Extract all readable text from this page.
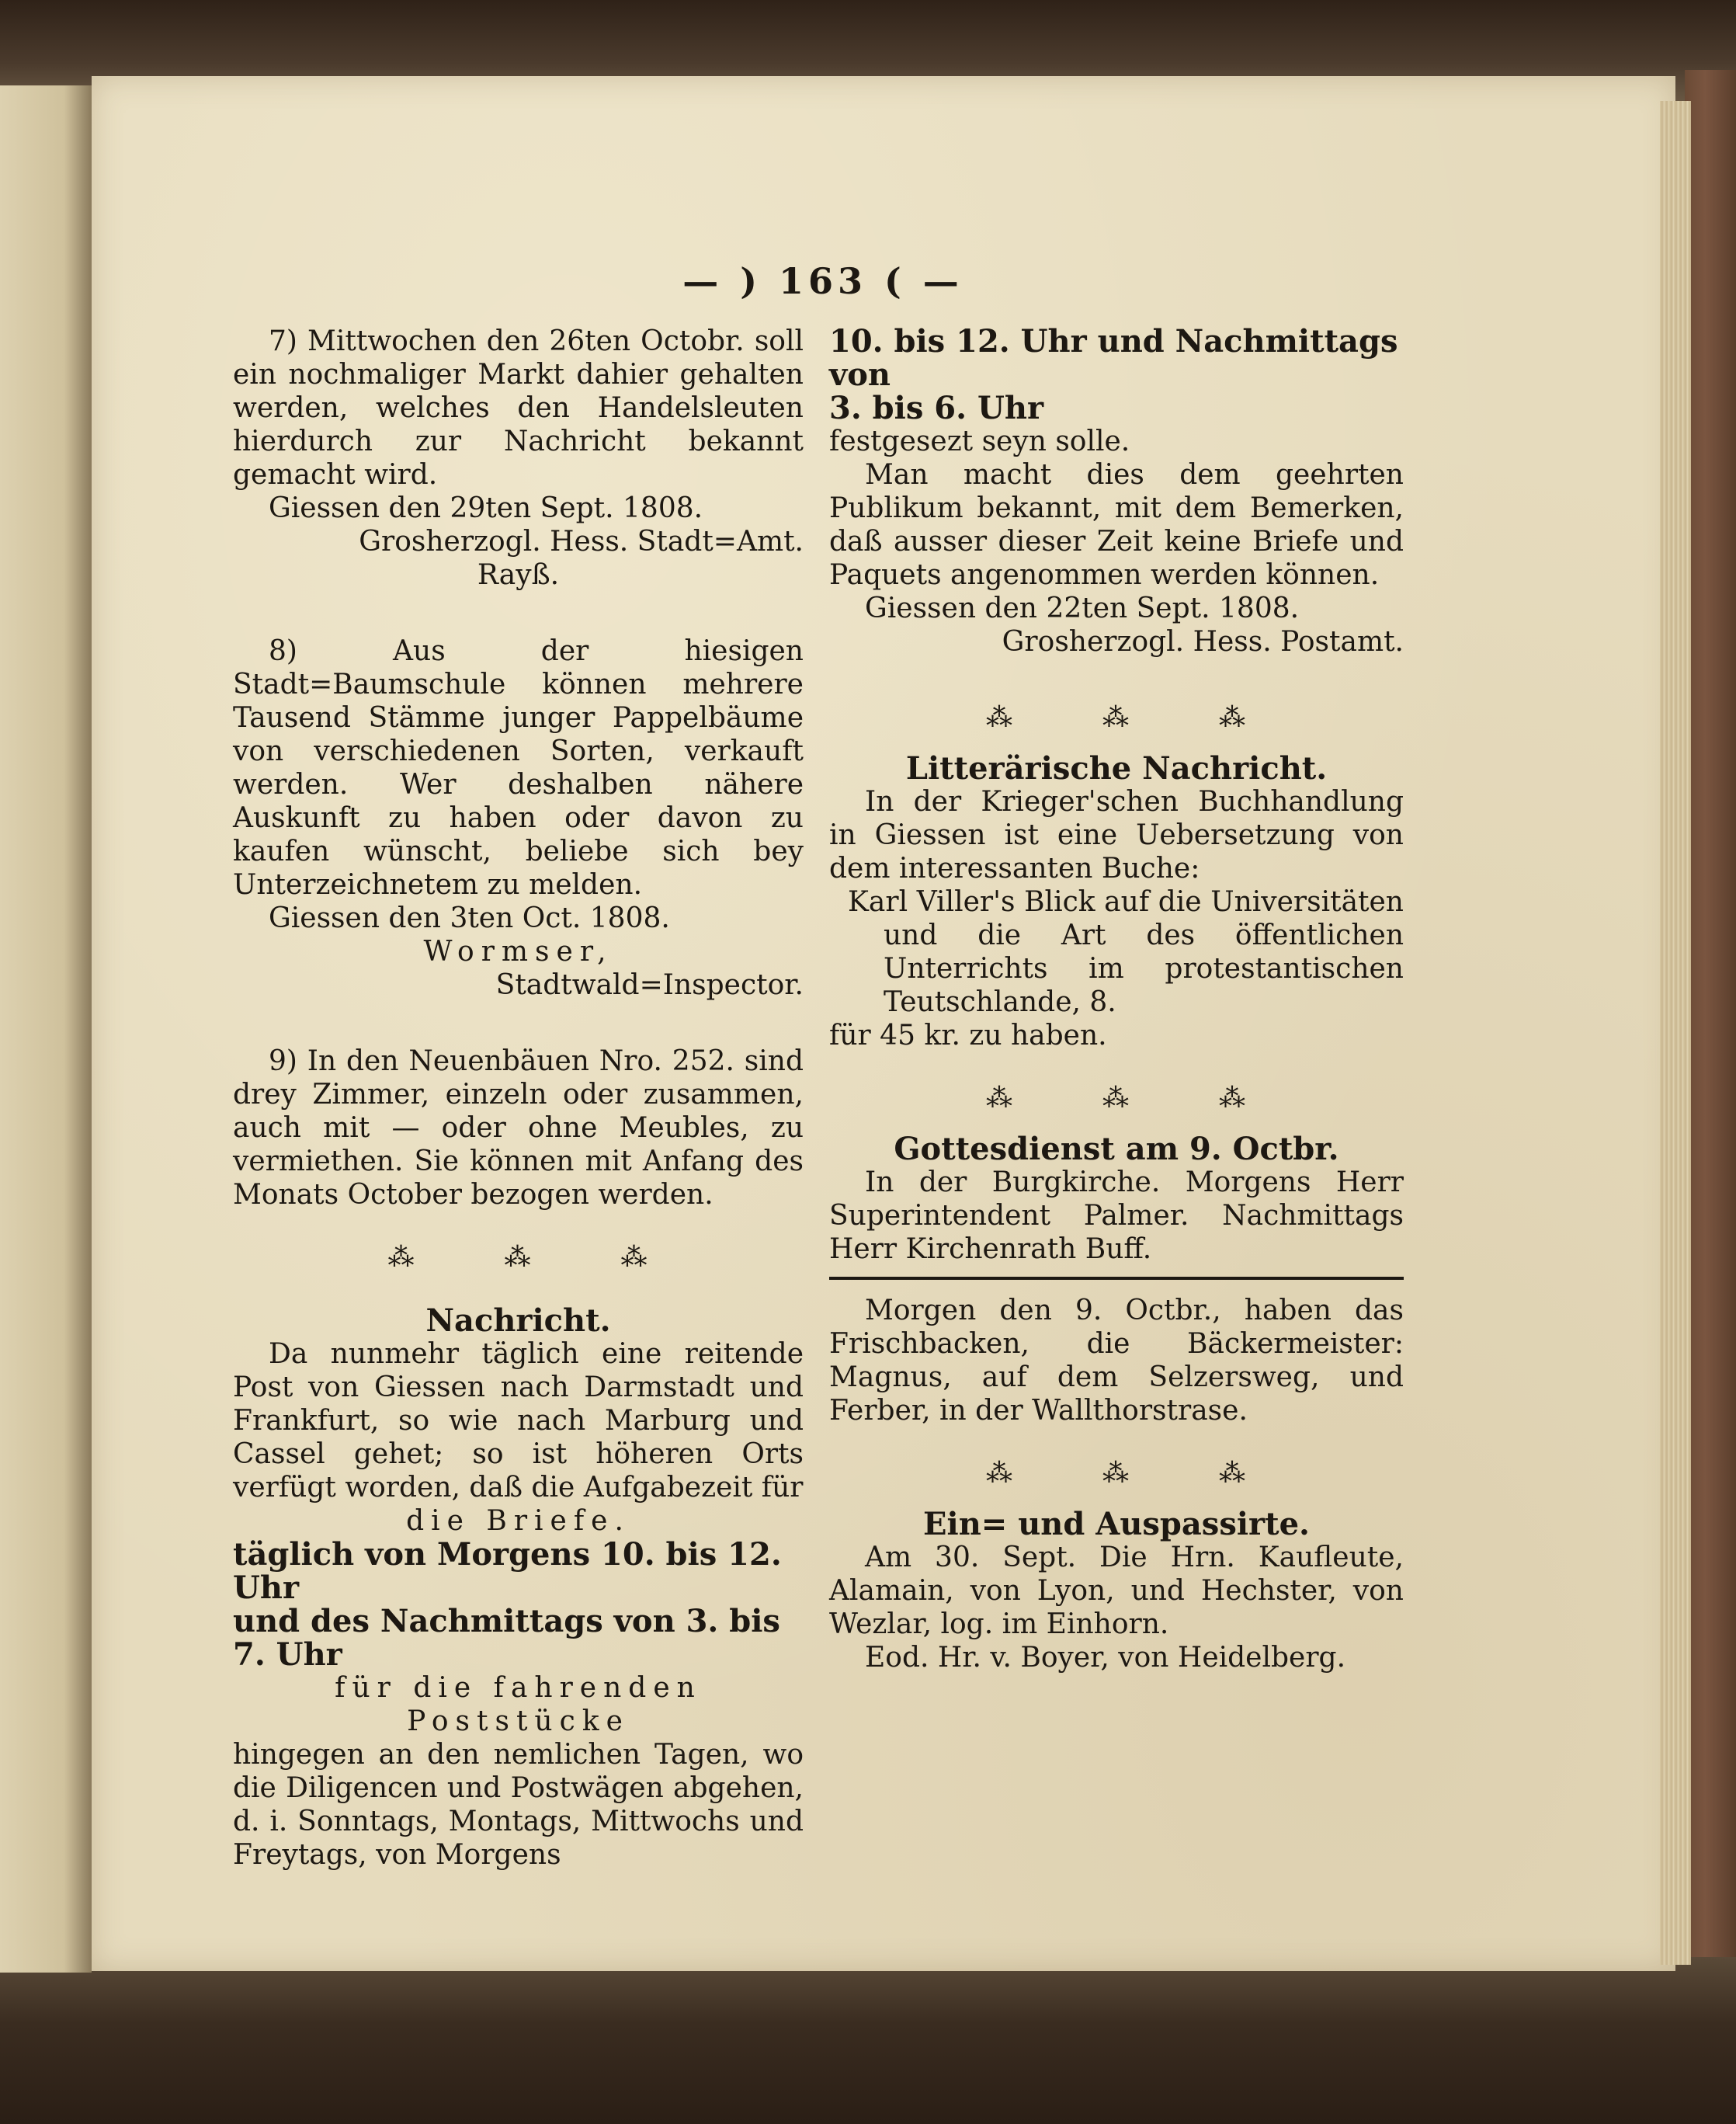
— ) 163 ( —

7) Mittwochen den 26ten Octobr. soll ein nochmaliger Markt dahier gehalten werden, welches den Handelsleuten hierdurch zur Nachricht bekannt gemacht wird.

Giessen den 29ten Sept. 1808.

Grosherzogl. Hess. Stadt=Amt.

Rayß.

8) Aus der hiesigen Stadt=Baumschule können mehrere Tausend Stämme junger Pappelbäume von verschiedenen Sorten, verkauft werden. Wer deshalben nähere Auskunft zu haben oder davon zu kaufen wünscht, beliebe sich bey Unterzeichnetem zu melden.

Giessen den 3ten Oct. 1808.

Wormser,

Stadtwald=Inspector.

9) In den Neuenbäuen Nro. 252. sind drey Zimmer, einzeln oder zusammen, auch mit — oder ohne Meubles, zu vermiethen. Sie können mit Anfang des Monats October bezogen werden.

⁂	⁂	⁂

Nachricht.

Da nunmehr täglich eine reitende Post von Giessen nach Darmstadt und Frankfurt, so wie nach Marburg und Cassel gehet; so ist höheren Orts verfügt worden, daß die Aufgabezeit für

die Briefe.

täglich von Morgens 10. bis 12. Uhr

und des Nachmittags von 3. bis 7. Uhr

für die fahrenden Poststücke

hingegen an den nemlichen Tagen, wo die Diligencen und Postwägen abgehen, d. i. Sonntags, Montags, Mittwochs und Freytags, von Morgens

10. bis 12. Uhr und Nachmittags von

3. bis 6. Uhr

festgesezt seyn solle.

Man macht dies dem geehrten Publikum bekannt, mit dem Bemerken, daß ausser dieser Zeit keine Briefe und Paquets angenommen werden können.

Giessen den 22ten Sept. 1808.

Grosherzogl. Hess. Postamt.

⁂	⁂	⁂

Litterärische Nachricht.

In der Krieger'schen Buchhandlung in Giessen ist eine Uebersetzung von dem interessanten Buche:

Karl Viller's Blick auf die Universitäten und die Art des öffentlichen Unterrichts im protestantischen Teutschlande, 8.

für 45 kr. zu haben.

⁂	⁂	⁂

Gottesdienst am 9. Octbr.

In der Burgkirche. Morgens Herr Superintendent Palmer. Nachmittags Herr Kirchenrath Buff.

Morgen den 9. Octbr., haben das Frischbacken, die Bäckermeister: Magnus, auf dem Selzersweg, und Ferber, in der Wallthorstrase.

⁂	⁂	⁂

Ein= und Auspassirte.

Am 30. Sept. Die Hrn. Kaufleute, Alamain, von Lyon, und Hechster, von Wezlar, log. im Einhorn.

Eod. Hr. v. Boyer, von Heidelberg.
